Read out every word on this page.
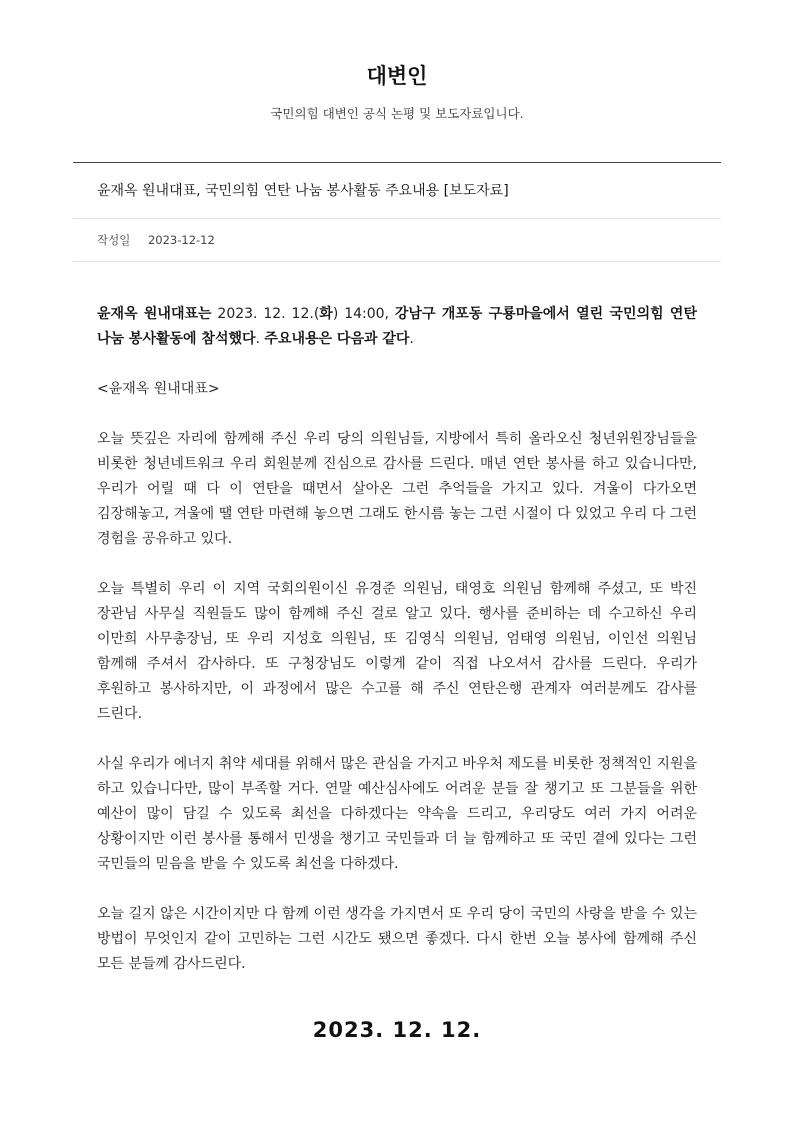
대변인
국민의힘 대변인 공식 논평 및 보도자료입니다.
윤재옥 원내대표, 국민의힘 연탄 나눔 봉사활동 주요내용 [보도자료]
작성일 2023-12-12

윤재옥 원내대표는 2023. 12. 12.(화) 14:00, 강남구 개포동 구룡마을에서 열린 국민의힘 연탄 나눔 봉사활동에 참석했다. 주요내용은 다음과 같다.

<윤재옥 원내대표>

오늘 뜻깊은 자리에 함께해 주신 우리 당의 의원님들, 지방에서 특히 올라오신 청년위원장님들을 비롯한 청년네트워크 우리 회원분께 진심으로 감사를 드린다. 매년 연탄 봉사를 하고 있습니다만, 우리가 어릴 때 다 이 연탄을 때면서 살아온 그런 추억들을 가지고 있다. 겨울이 다가오면 김장해놓고, 겨울에 땔 연탄 마련해 놓으면 그래도 한시름 놓는 그런 시절이 다 있었고 우리 다 그런 경험을 공유하고 있다.

오늘 특별히 우리 이 지역 국회의원이신 유경준 의원님, 태영호 의원님 함께해 주셨고, 또 박진 장관님 사무실 직원들도 많이 함께해 주신 걸로 알고 있다. 행사를 준비하는 데 수고하신 우리 이만희 사무총장님, 또 우리 지성호 의원님, 또 김영식 의원님, 엄태영 의원님, 이인선 의원님 함께해 주셔서 감사하다. 또 구청장님도 이렇게 같이 직접 나오셔서 감사를 드린다. 우리가 후원하고 봉사하지만, 이 과정에서 많은 수고를 해 주신 연탄은행 관계자 여러분께도 감사를 드린다.

사실 우리가 에너지 취약 세대를 위해서 많은 관심을 가지고 바우처 제도를 비롯한 정책적인 지원을 하고 있습니다만, 많이 부족할 거다. 연말 예산심사에도 어려운 분들 잘 챙기고 또 그분들을 위한 예산이 많이 담길 수 있도록 최선을 다하겠다는 약속을 드리고, 우리당도 여러 가지 어려운 상황이지만 이런 봉사를 통해서 민생을 챙기고 국민들과 더 늘 함께하고 또 국민 곁에 있다는 그런 국민들의 믿음을 받을 수 있도록 최선을 다하겠다.

오늘 길지 않은 시간이지만 다 함께 이런 생각을 가지면서 또 우리 당이 국민의 사랑을 받을 수 있는 방법이 무엇인지 같이 고민하는 그런 시간도 됐으면 좋겠다. 다시 한번 오늘 봉사에 함께해 주신 모든 분들께 감사드린다.

2023. 12. 12.
